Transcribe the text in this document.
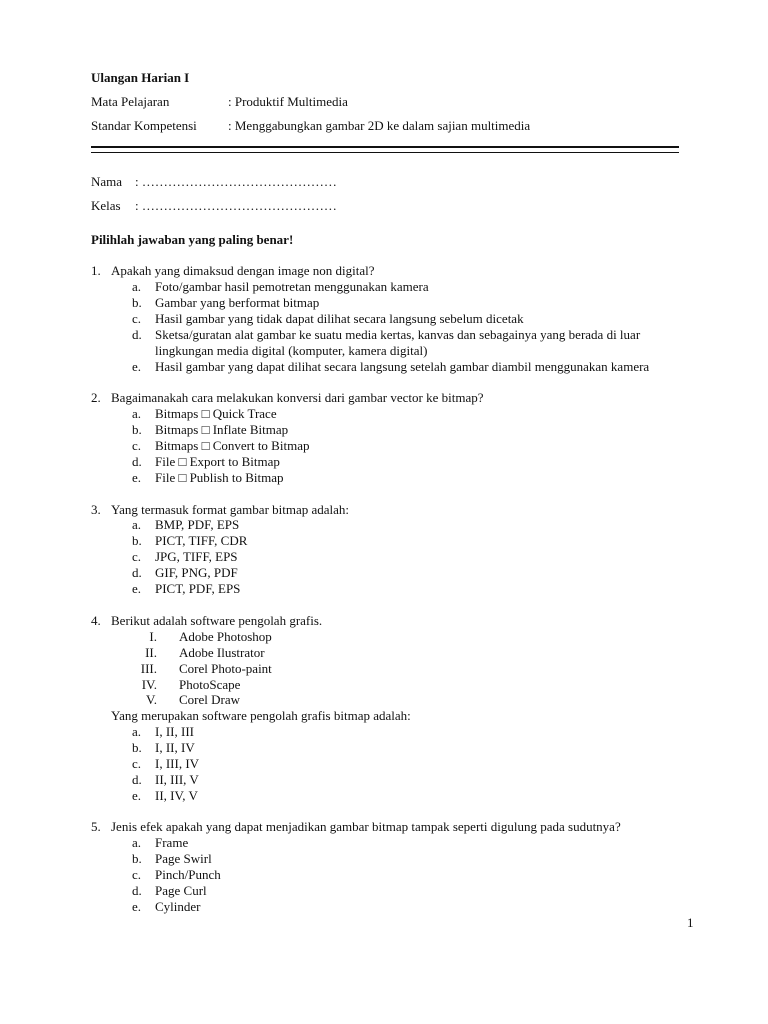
Ulangan Harian I
Mata Pelajaran	: Produktif Multimedia
Standar Kompetensi : Menggabungkan gambar 2D ke dalam sajian multimedia
Nama : ………………………………………
Kelas : ………………………………………
Pilihlah jawaban yang paling benar!
1. Apakah yang dimaksud dengan image non digital?
a. Foto/gambar hasil pemotretan menggunakan kamera
b. Gambar yang berformat bitmap
c. Hasil gambar yang tidak dapat dilihat secara langsung sebelum dicetak
d. Sketsa/guratan alat gambar ke suatu media kertas, kanvas dan sebagainya yang berada di luar
lingkungan media digital (komputer, kamera digital)
e. Hasil gambar yang dapat dilihat secara langsung setelah gambar diambil menggunakan kamera
2. Bagaimanakah cara melakukan konversi dari gambar vector ke bitmap?
a. Bitmaps □ Quick Trace
b. Bitmaps □ Inflate Bitmap
c. Bitmaps □ Convert to Bitmap
d. File □ Export to Bitmap
e. File □ Publish to Bitmap
3. Yang termasuk format gambar bitmap adalah:
a. BMP, PDF, EPS
b. PICT, TIFF, CDR
c. JPG, TIFF, EPS
d. GIF, PNG, PDF
e. PICT, PDF, EPS
4. Berikut adalah software pengolah grafis.
I. Adobe Photoshop
II. Adobe Ilustrator
III. Corel Photo-paint
IV. PhotoScape
V. Corel Draw
Yang merupakan software pengolah grafis bitmap adalah:
a. I, II, III
b. I, II, IV
c. I, III, IV
d. II, III, V
e. II, IV, V
5. Jenis efek apakah yang dapat menjadikan gambar bitmap tampak seperti digulung pada sudutnya?
a. Frame
b. Page Swirl
c. Pinch/Punch
d. Page Curl
e. Cylinder
1
